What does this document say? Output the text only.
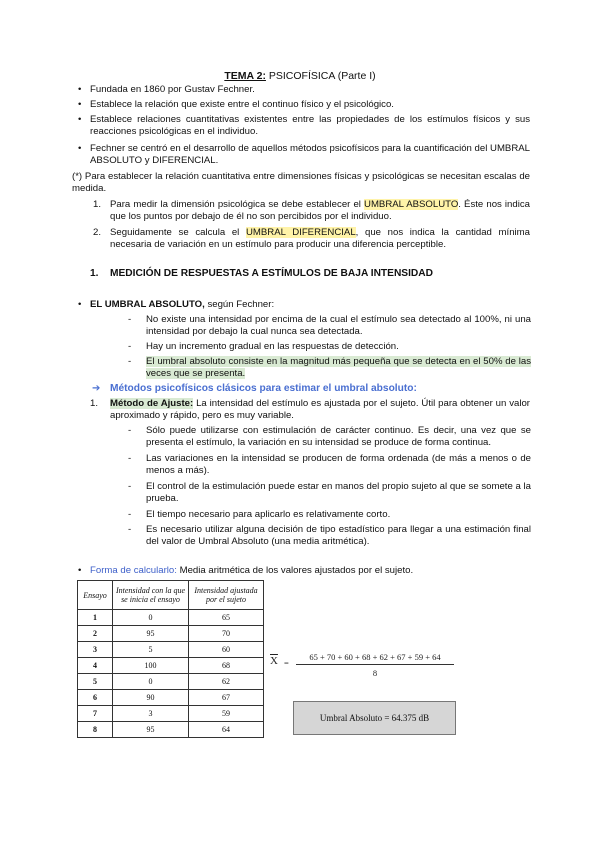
TEMA 2: PSICOFÍSICA (Parte I)
• Fundada en 1860 por Gustav Fechner.
• Establece la relación que existe entre el continuo físico y el psicológico.
• Establece relaciones cuantitativas existentes entre las propiedades de los estímulos físicos y sus reacciones psicológicas en el individuo.
• Fechner se centró en el desarrollo de aquellos métodos psicofísicos para la cuantificación del UMBRAL ABSOLUTO y DIFERENCIAL.
(*) Para establecer la relación cuantitativa entre dimensiones físicas y psicológicas se necesitan escalas de medida.
1. Para medir la dimensión psicológica se debe establecer el UMBRAL ABSOLUTO. Éste nos indica que los puntos por debajo de él no son percibidos por el individuo.
2. Seguidamente se calcula el UMBRAL DIFERENCIAL, que nos indica la cantidad mínima necesaria de variación en un estímulo para producir una diferencia perceptible.
1. MEDICIÓN DE RESPUESTAS A ESTÍMULOS DE BAJA INTENSIDAD
• EL UMBRAL ABSOLUTO, según Fechner:
- No existe una intensidad por encima de la cual el estímulo sea detectado al 100%, ni una intensidad por debajo la cual nunca sea detectada.
- Hay un incremento gradual en las respuestas de detección.
- El umbral absoluto consiste en la magnitud más pequeña que se detecta en el 50% de las veces que se presenta.
➔ Métodos psicofísicos clásicos para estimar el umbral absoluto:
1. Método de Ajuste: La intensidad del estímulo es ajustada por el sujeto. Útil para obtener un valor aproximado y rápido, pero es muy variable.
- Sólo puede utilizarse con estimulación de carácter continuo. Es decir, una vez que se presenta el estímulo, la variación en su intensidad se produce de forma continua.
- Las variaciones en la intensidad se producen de forma ordenada (de más a menos o de menos a más).
- El control de la estimulación puede estar en manos del propio sujeto al que se somete a la prueba.
- El tiempo necesario para aplicarlo es relativamente corto.
- Es necesario utilizar alguna decisión de tipo estadístico para llegar a una estimación final del valor de Umbral Absoluto (una media aritmética).
• Forma de calcularlo: Media aritmética de los valores ajustados por el sujeto.
Ensayo	Intensidad con la que se inicia el ensayo	Intensidad ajustada por el sujeto
1	0	65
2	95	70
3	5	60
4	100	68
5	0	62
6	90	67
7	3	59
8	95	64
$\overline{X}$ =
65 + 70 + 60 + 68 + 62 + 67 + 59 + 64
8
Umbral Absoluto = 64.375 dB
